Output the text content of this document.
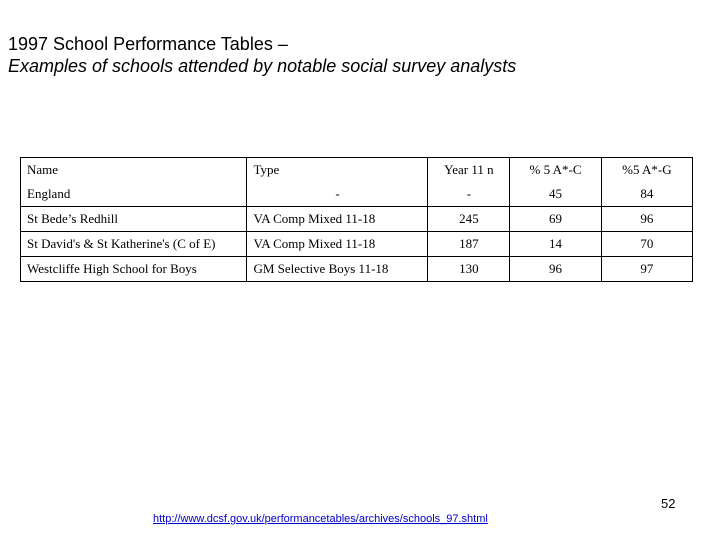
1997 School Performance Tables –
Examples of schools attended by notable social survey analysts
Name	Type	Year 11 n	% 5 A*-C	%5 A*-G
England	-	-	45	84
St Bede’s Redhill	VA Comp Mixed 11-18	245	69	96
St David's & St Katherine's (C of E)	VA Comp Mixed 11-18	187	14	70
Westcliffe High School for Boys	GM Selective Boys 11-18	130	96	97
52
http://www.dcsf.gov.uk/performancetables/archives/schools_97.shtml
